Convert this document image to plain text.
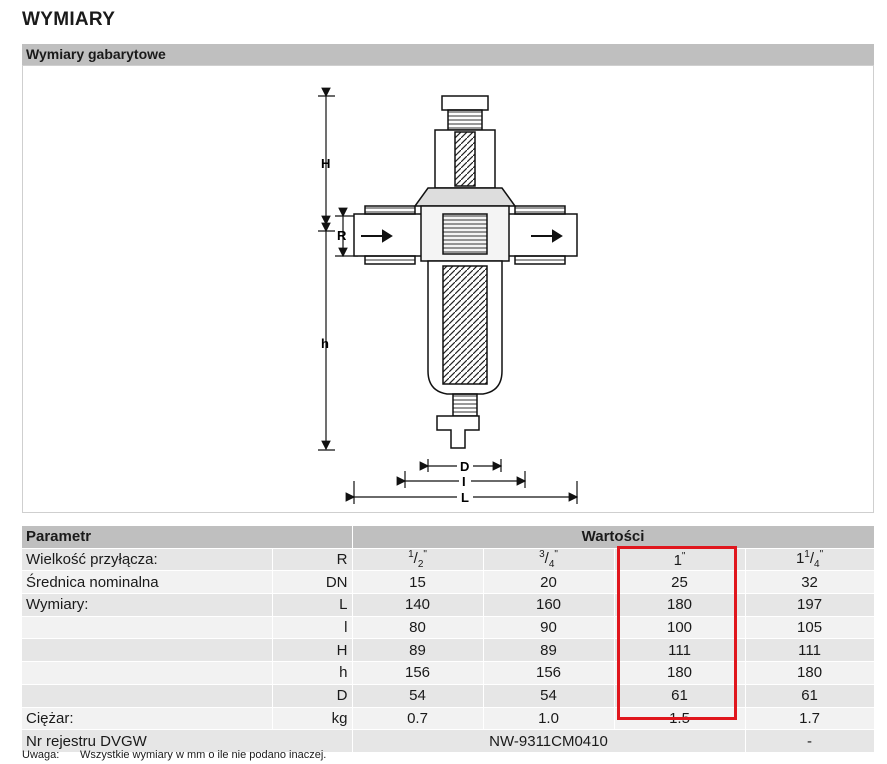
WYMIARY
Wymiary gabarytowe
H
R
h
D
I
L
Parametr		Wartości			
Wielkość przyłącza:	R	$^1/_2^"$	$^3/_4^"$	1"	$1^1/_4^"$
Średnica nominalna	DN	15	20	25	32
Wymiary:	L	140	160	180	197
	l	80	90	100	105
	H	89	89	111	111
	h	156	156	180	180
	D	54	54	61	61
Ciężar:	kg	0.7	1.0	1.5	1.7
Nr rejestru DVGW		NW-9311CM0410			-
Uwaga: Wszystkie wymiary w mm o ile nie podano inaczej.
